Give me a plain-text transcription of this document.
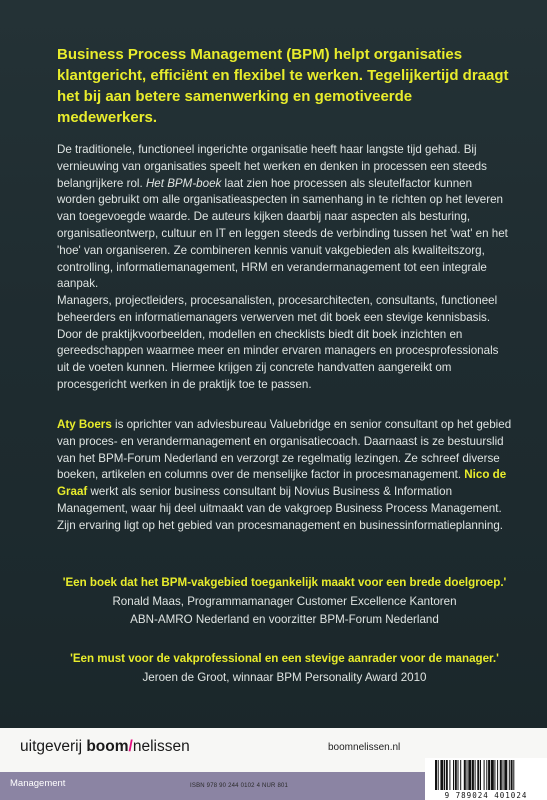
Business Process Management (BPM) helpt organisaties klantgericht, efficiënt en flexibel te werken. Tegelijkertijd draagt het bij aan betere samenwerking en gemotiveerde medewerkers.

De traditionele, functioneel ingerichte organisatie heeft haar langste tijd gehad. Bij vernieuwing van organisaties speelt het werken en denken in processen een steeds belangrijkere rol. Het BPM-boek laat zien hoe processen als sleutelfactor kunnen worden gebruikt om alle organisatieaspecten in samenhang in te richten op het leveren van toegevoegde waarde. De auteurs kijken daarbij naar aspecten als besturing, organisatieontwerp, cultuur en IT en leggen steeds de verbinding tussen het 'wat' en het 'hoe' van organiseren. Ze combineren kennis vanuit vakgebieden als kwaliteitszorg, controlling, informatiemanagement, HRM en verandermanagement tot een integrale aanpak.

Managers, projectleiders, procesanalisten, procesarchitecten, consultants, functioneel beheerders en informatiemanagers verwerven met dit boek een stevige kennisbasis. Door de praktijkvoorbeelden, modellen en checklists biedt dit boek inzichten en gereedschappen waarmee meer en minder ervaren managers en procesprofessionals uit de voeten kunnen. Hiermee krijgen zij concrete handvatten aangereikt om procesgericht werken in de praktijk toe te passen.

Aty Boers is oprichter van adviesbureau Valuebridge en senior consultant op het gebied van proces- en verandermanagement en organisatiecoach. Daarnaast is ze bestuurslid van het BPM-Forum Nederland en verzorgt ze regelmatig lezingen. Ze schreef diverse boeken, artikelen en columns over de menselijke factor in procesmanagement. Nico de Graaf werkt als senior business consultant bij Novius Business & Information Management, waar hij deel uitmaakt van de vakgroep Business Process Management. Zijn ervaring ligt op het gebied van procesmanagement en businessinformatieplanning.

'Een boek dat het BPM-vakgebied toegankelijk maakt voor een brede doelgroep.'
Ronald Maas, Programmamanager Customer Excellence Kantoren
ABN-AMRO Nederland en voorzitter BPM-Forum Nederland
'Een must voor de vakprofessional en een stevige aanrader voor de manager.'
Jeroen de Groot, winnaar BPM Personality Award 2010
uitgeverij boom/nelissen	boomnelissen.nl
Management	ISBN 978 90 244 0102 4 NUR 801
9 789024 401024
